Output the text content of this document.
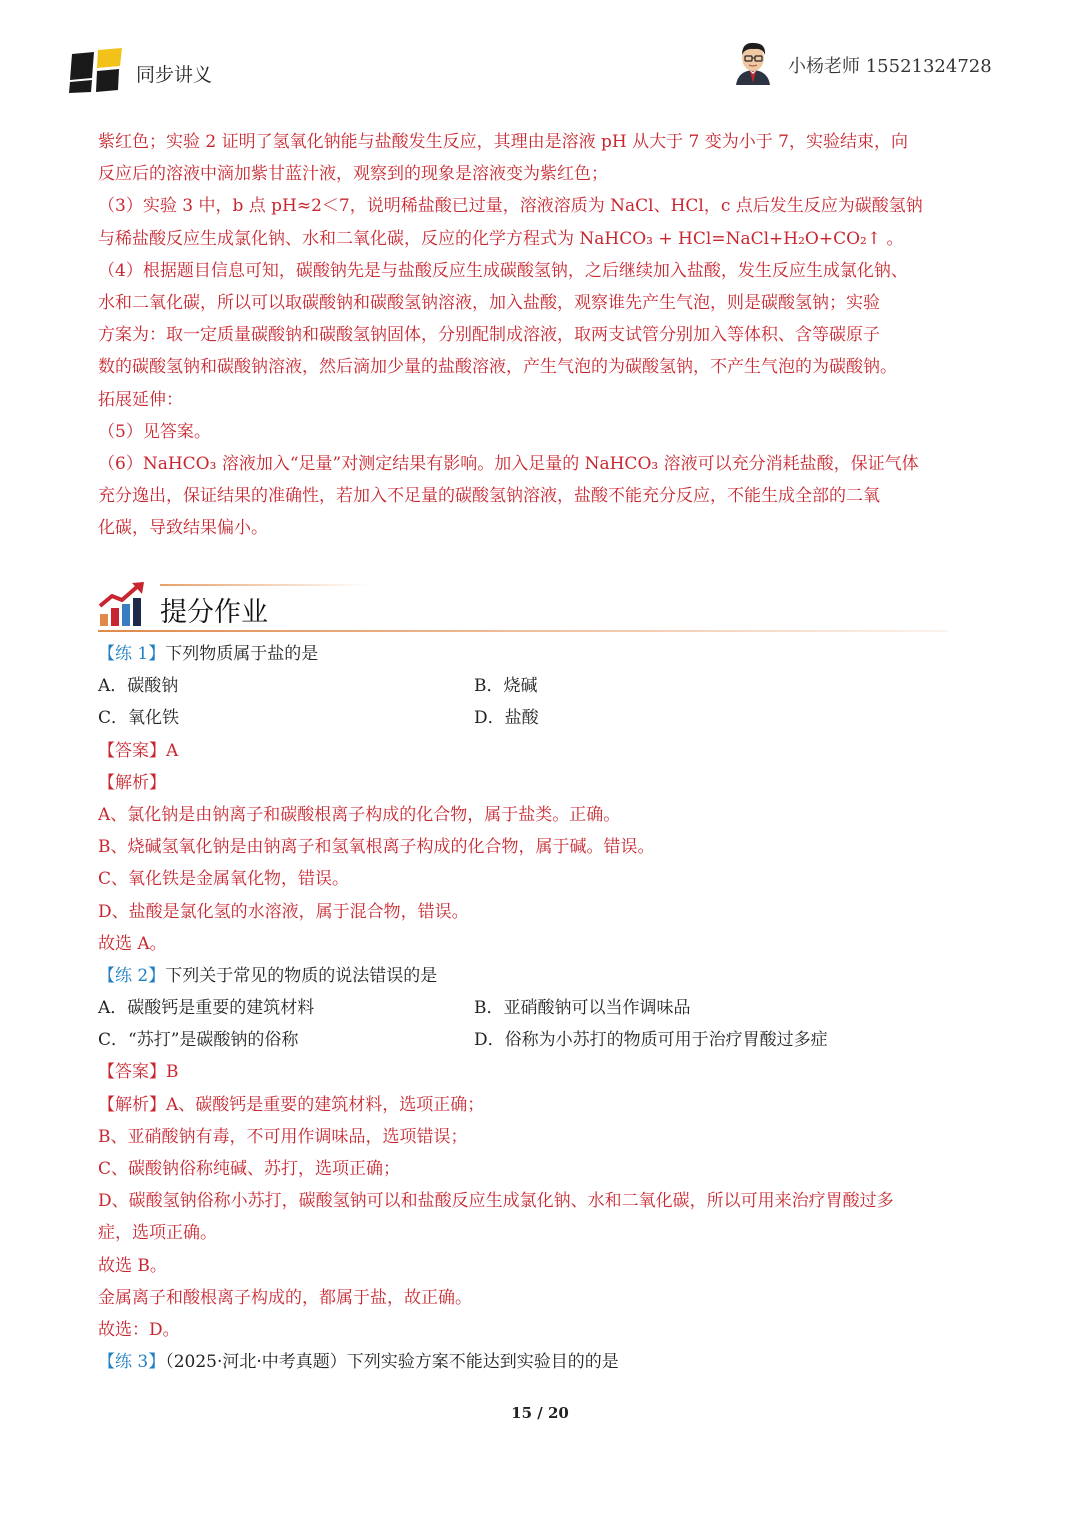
同步讲义	小杨老师 15521324728
紫红色；实验 2 证明了氢氧化钠能与盐酸发生反应，其理由是溶液 pH 从大于 7 变为小于 7，实验结束，向
反应后的溶液中滴加紫甘蓝汁液，观察到的现象是溶液变为紫红色；
（3）实验 3 中，b 点 pH≈2＜7，说明稀盐酸已过量，溶液溶质为 NaCl、HCl，c 点后发生反应为碳酸氢钠
与稀盐酸反应生成氯化钠、水和二氧化碳，反应的化学方程式为 NaHCO₃ + HCl=NaCl+H₂O+CO₂↑ 。
（4）根据题目信息可知，碳酸钠先是与盐酸反应生成碳酸氢钠，之后继续加入盐酸，发生反应生成氯化钠、
水和二氧化碳，所以可以取碳酸钠和碳酸氢钠溶液，加入盐酸，观察谁先产生气泡，则是碳酸氢钠；实验
方案为：取一定质量碳酸钠和碳酸氢钠固体，分别配制成溶液，取两支试管分别加入等体积、含等碳原子
数的碳酸氢钠和碳酸钠溶液，然后滴加少量的盐酸溶液，产生气泡的为碳酸氢钠，不产生气泡的为碳酸钠。
拓展延伸：
（5）见答案。
（6）NaHCO₃ 溶液加入“足量”对测定结果有影响。加入足量的 NaHCO₃ 溶液可以充分消耗盐酸，保证气体
充分逸出，保证结果的准确性，若加入不足量的碳酸氢钠溶液，盐酸不能充分反应，不能生成全部的二氧
化碳，导致结果偏小。
提分作业
【练 1】下列物质属于盐的是
A．碳酸钠	B．烧碱
C．氧化铁	D．盐酸
【答案】A
【解析】
A、氯化钠是由钠离子和碳酸根离子构成的化合物，属于盐类。正确。
B、烧碱氢氧化钠是由钠离子和氢氧根离子构成的化合物，属于碱。错误。
C、氧化铁是金属氧化物，错误。
D、盐酸是氯化氢的水溶液，属于混合物，错误。
故选 A。
【练 2】下列关于常见的物质的说法错误的是
A．碳酸钙是重要的建筑材料	B．亚硝酸钠可以当作调味品
C．“苏打”是碳酸钠的俗称	D．俗称为小苏打的物质可用于治疗胃酸过多症
【答案】B
【解析】A、碳酸钙是重要的建筑材料，选项正确；
B、亚硝酸钠有毒，不可用作调味品，选项错误；
C、碳酸钠俗称纯碱、苏打，选项正确；
D、碳酸氢钠俗称小苏打，碳酸氢钠可以和盐酸反应生成氯化钠、水和二氧化碳，所以可用来治疗胃酸过多
症，选项正确。
故选 B。
金属离子和酸根离子构成的，都属于盐，故正确。
故选：D。
【练 3】（2025·河北·中考真题）下列实验方案不能达到实验目的的是
15 / 20
